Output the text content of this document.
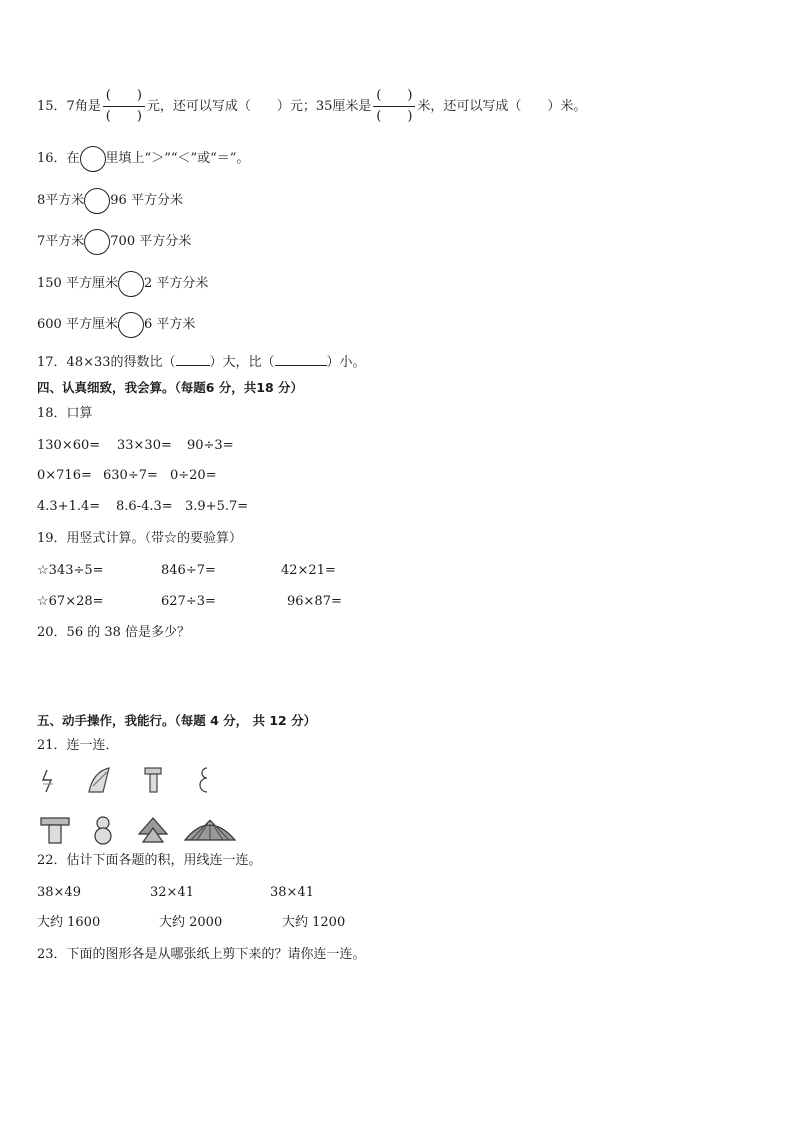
15．7角是 $\frac{( )}{( )}$ 元，还可以写成（　　）元；35厘米是 $\frac{( )}{( )}$ 米，还可以写成（　　）米。
16．在 里填上“＞”“＜”或“＝”。
8平方米 96 平方分米
7平方米 700 平方分米
150 平方厘米 2 平方分米
600 平方厘米 6 平方米
17．48×33的得数比（	）大，比（	）小。
四、认真细致，我会算。（每题6 分，共18 分）
18．口算
130×60= 33×30= 90÷3=
0×716= 630÷7= 0÷20=
4.3+1.4= 8.6-4.3= 3.9+5.7=
19．用竖式计算。（带☆的要验算）
☆343÷5=	846÷7=	42×21=
☆67×28=	627÷3=	96×87=
20．56 的 38 倍是多少？
五、动手操作，我能行。（每题 4 分， 共 12 分）
21．连一连．
22．估计下面各题的积，用线连一连。
38×49	32×41	38×41
大约 1600	大约 2000	大约 1200
23．下面的图形各是从哪张纸上剪下来的？请你连一连。
